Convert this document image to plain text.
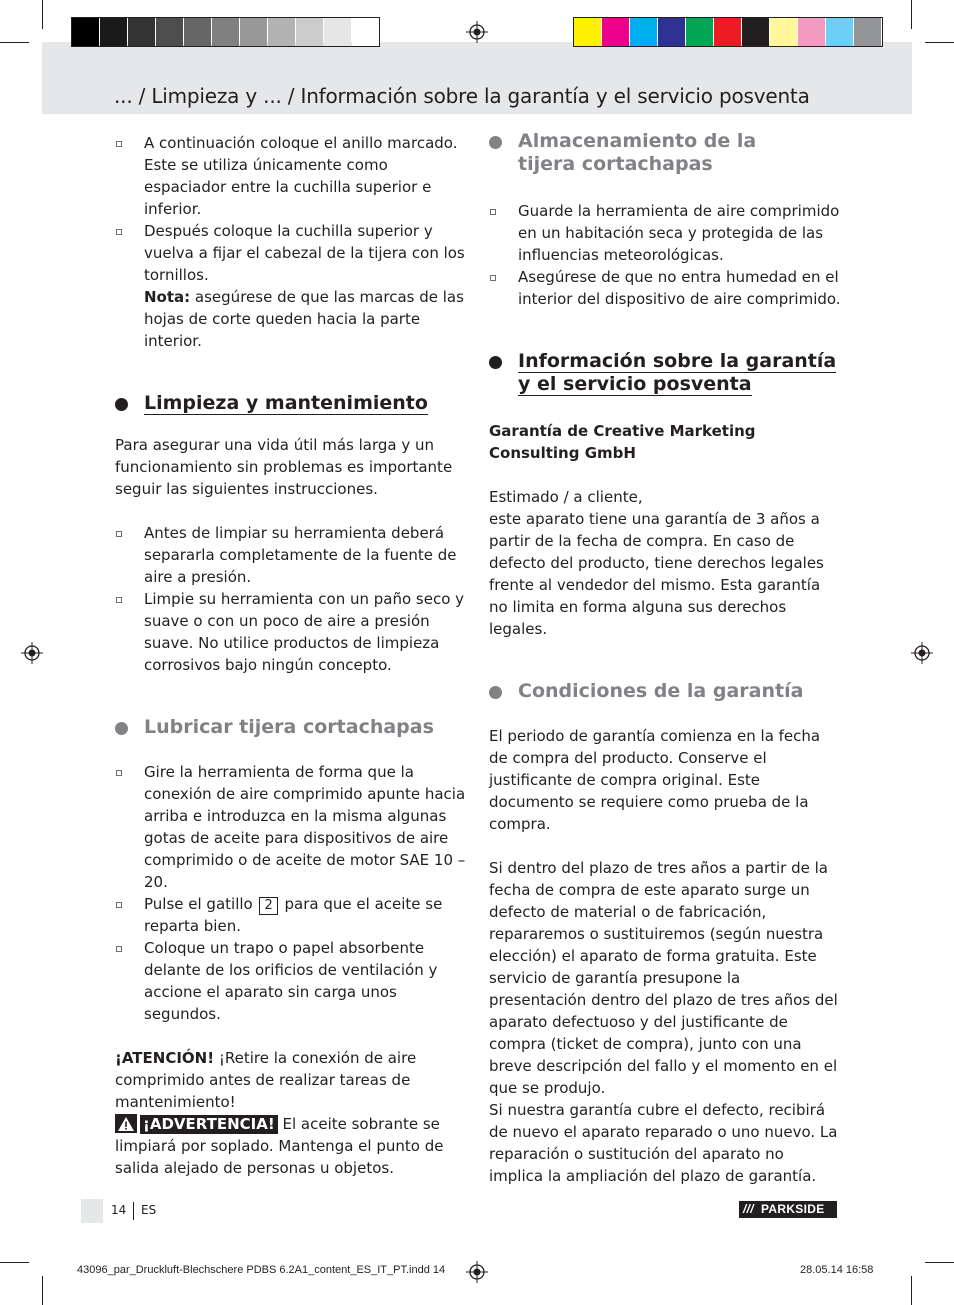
... / Limpieza y ... / Información sobre la garantía y el servicio posventa
A continuación coloque el anillo marcado. Este se utiliza únicamente como espaciador entre la cuchilla superior e inferior.
Después coloque la cuchilla superior y vuelva a fijar el cabezal de la tijera con los tornillos.
Nota: asegúrese de que las marcas de las hojas de corte queden hacia la parte interior.
Limpieza y mantenimiento

Para asegurar una vida útil más larga y un funcionamiento sin problemas es importante seguir las siguientes instrucciones.

Antes de limpiar su herramienta deberá separarla completamente de la fuente de aire a presión.
Limpie su herramienta con un paño seco y suave o con un poco de aire a presión suave. No utilice productos de limpieza corrosivos bajo ningún concepto.
Lubricar tijera cortachapas
Gire la herramienta de forma que la conexión de aire comprimido apunte hacia arriba e introduzca en la misma algunas gotas de aceite para dispositivos de aire comprimido o de aceite de motor SAE 10 – 20.
Pulse el gatillo 2 para que el aceite se reparta bien.
Coloque un trapo o papel absorbente delante de los orificios de ventilación y accione el aparato sin carga unos segundos.

¡ATENCIÓN! ¡Retire la conexión de aire comprimido antes de realizar tareas de mantenimiento!
¡ADVERTENCIA! El aceite sobrante se limpiará por soplado. Mantenga el punto de salida alejado de personas u objetos.

Almacenamiento de la
tijera cortachapas
Guarde la herramienta de aire comprimido en un habitación seca y protegida de las influencias meteorológicas.
Asegúrese de que no entra humedad en el interior del dispositivo de aire comprimido.
Información sobre la garantía
y el servicio posventa

Garantía de Creative Marketing
Consulting GmbH

Estimado / a cliente,

este aparato tiene una garantía de 3 años a partir de la fecha de compra. En caso de defecto del producto, tiene derechos legales frente al vendedor del mismo. Esta garantía no limita en forma alguna sus derechos legales.

Condiciones de la garantía

El periodo de garantía comienza en la fecha de compra del producto. Conserve el justificante de compra original. Este documento se requiere como prueba de la compra.

Si dentro del plazo de tres años a partir de la fecha de compra de este aparato surge un defecto de material o de fabricación, repararemos o sustituiremos (según nuestra elección) el aparato de forma gratuita. Este servicio de garantía presupone la presentación dentro del plazo de tres años del aparato defectuoso y del justificante de compra (ticket de compra), junto con una breve descripción del fallo y el momento en el que se produjo.

Si nuestra garantía cubre el defecto, recibirá de nuevo el aparato reparado o uno nuevo. La reparación o sustitución del aparato no implica la ampliación del plazo de garantía.

14 ES	/// PARKSIDE
43096_par_Druckluft-Blechschere PDBS 6.2A1_content_ES_IT_PT.indd 14	28.05.14 16:58
